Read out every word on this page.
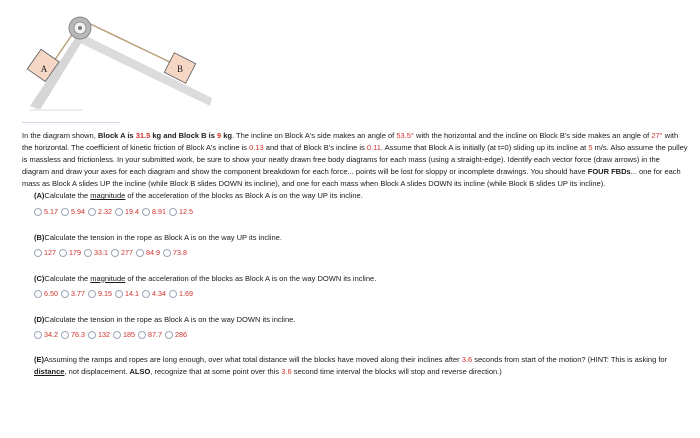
A	B

In the diagram shown, Block A is 31.5 kg and Block B is 9 kg. The incline on Block A's side makes an angle of 53.5° with the horizontal and the incline on Block B's side makes an angle of 27° with the horizontal. The coefficient of kinetic friction of Block A's incline is 0.13 and that of Block B's incline is 0.11. Assume that Block A is initially (at t=0) sliding up its incline at 5 m/s. Also assume the pulley is massless and frictionless. In your submitted work, be sure to show your neatly drawn free body diagrams for each mass (using a straight-edge). Identify each vector force (draw arrows) in the diagram and draw your axes for each diagram and show the component breakdown for each force... points will be lost for sloppy or incomplete drawings. You should have FOUR FBDs... one for each mass as Block A slides UP the incline (while Block B slides DOWN its incline), and one for each mass when Block A slides DOWN its incline (while Block B slides UP its incline).

(A)Calculate the magnitude of the acceleration of the blocks as Block A is on the way UP its incline.
5.17 5.94 2.32 19.4 8.91 12.5
(B)Calculate the tension in the rope as Block A is on the way UP its incline.
127 179 33.1 277 84.9 73.8
(C)Calculate the magnitude of the acceleration of the blocks as Block A is on the way DOWN its incline.
6.50 3.77 9.15 14.1 4.34 1.69
(D)Calculate the tension in the rope as Block A is on the way DOWN its incline.
34.2 76.3 132 185 87.7 286
(E)Assuming the ramps and ropes are long enough, over what total distance will the blocks have moved along their inclines after 3.6 seconds from start of the motion? (HINT: This is asking for distance, not displacement. ALSO, recognize that at some point over this 3.6 second time interval the blocks will stop and reverse direction.)
